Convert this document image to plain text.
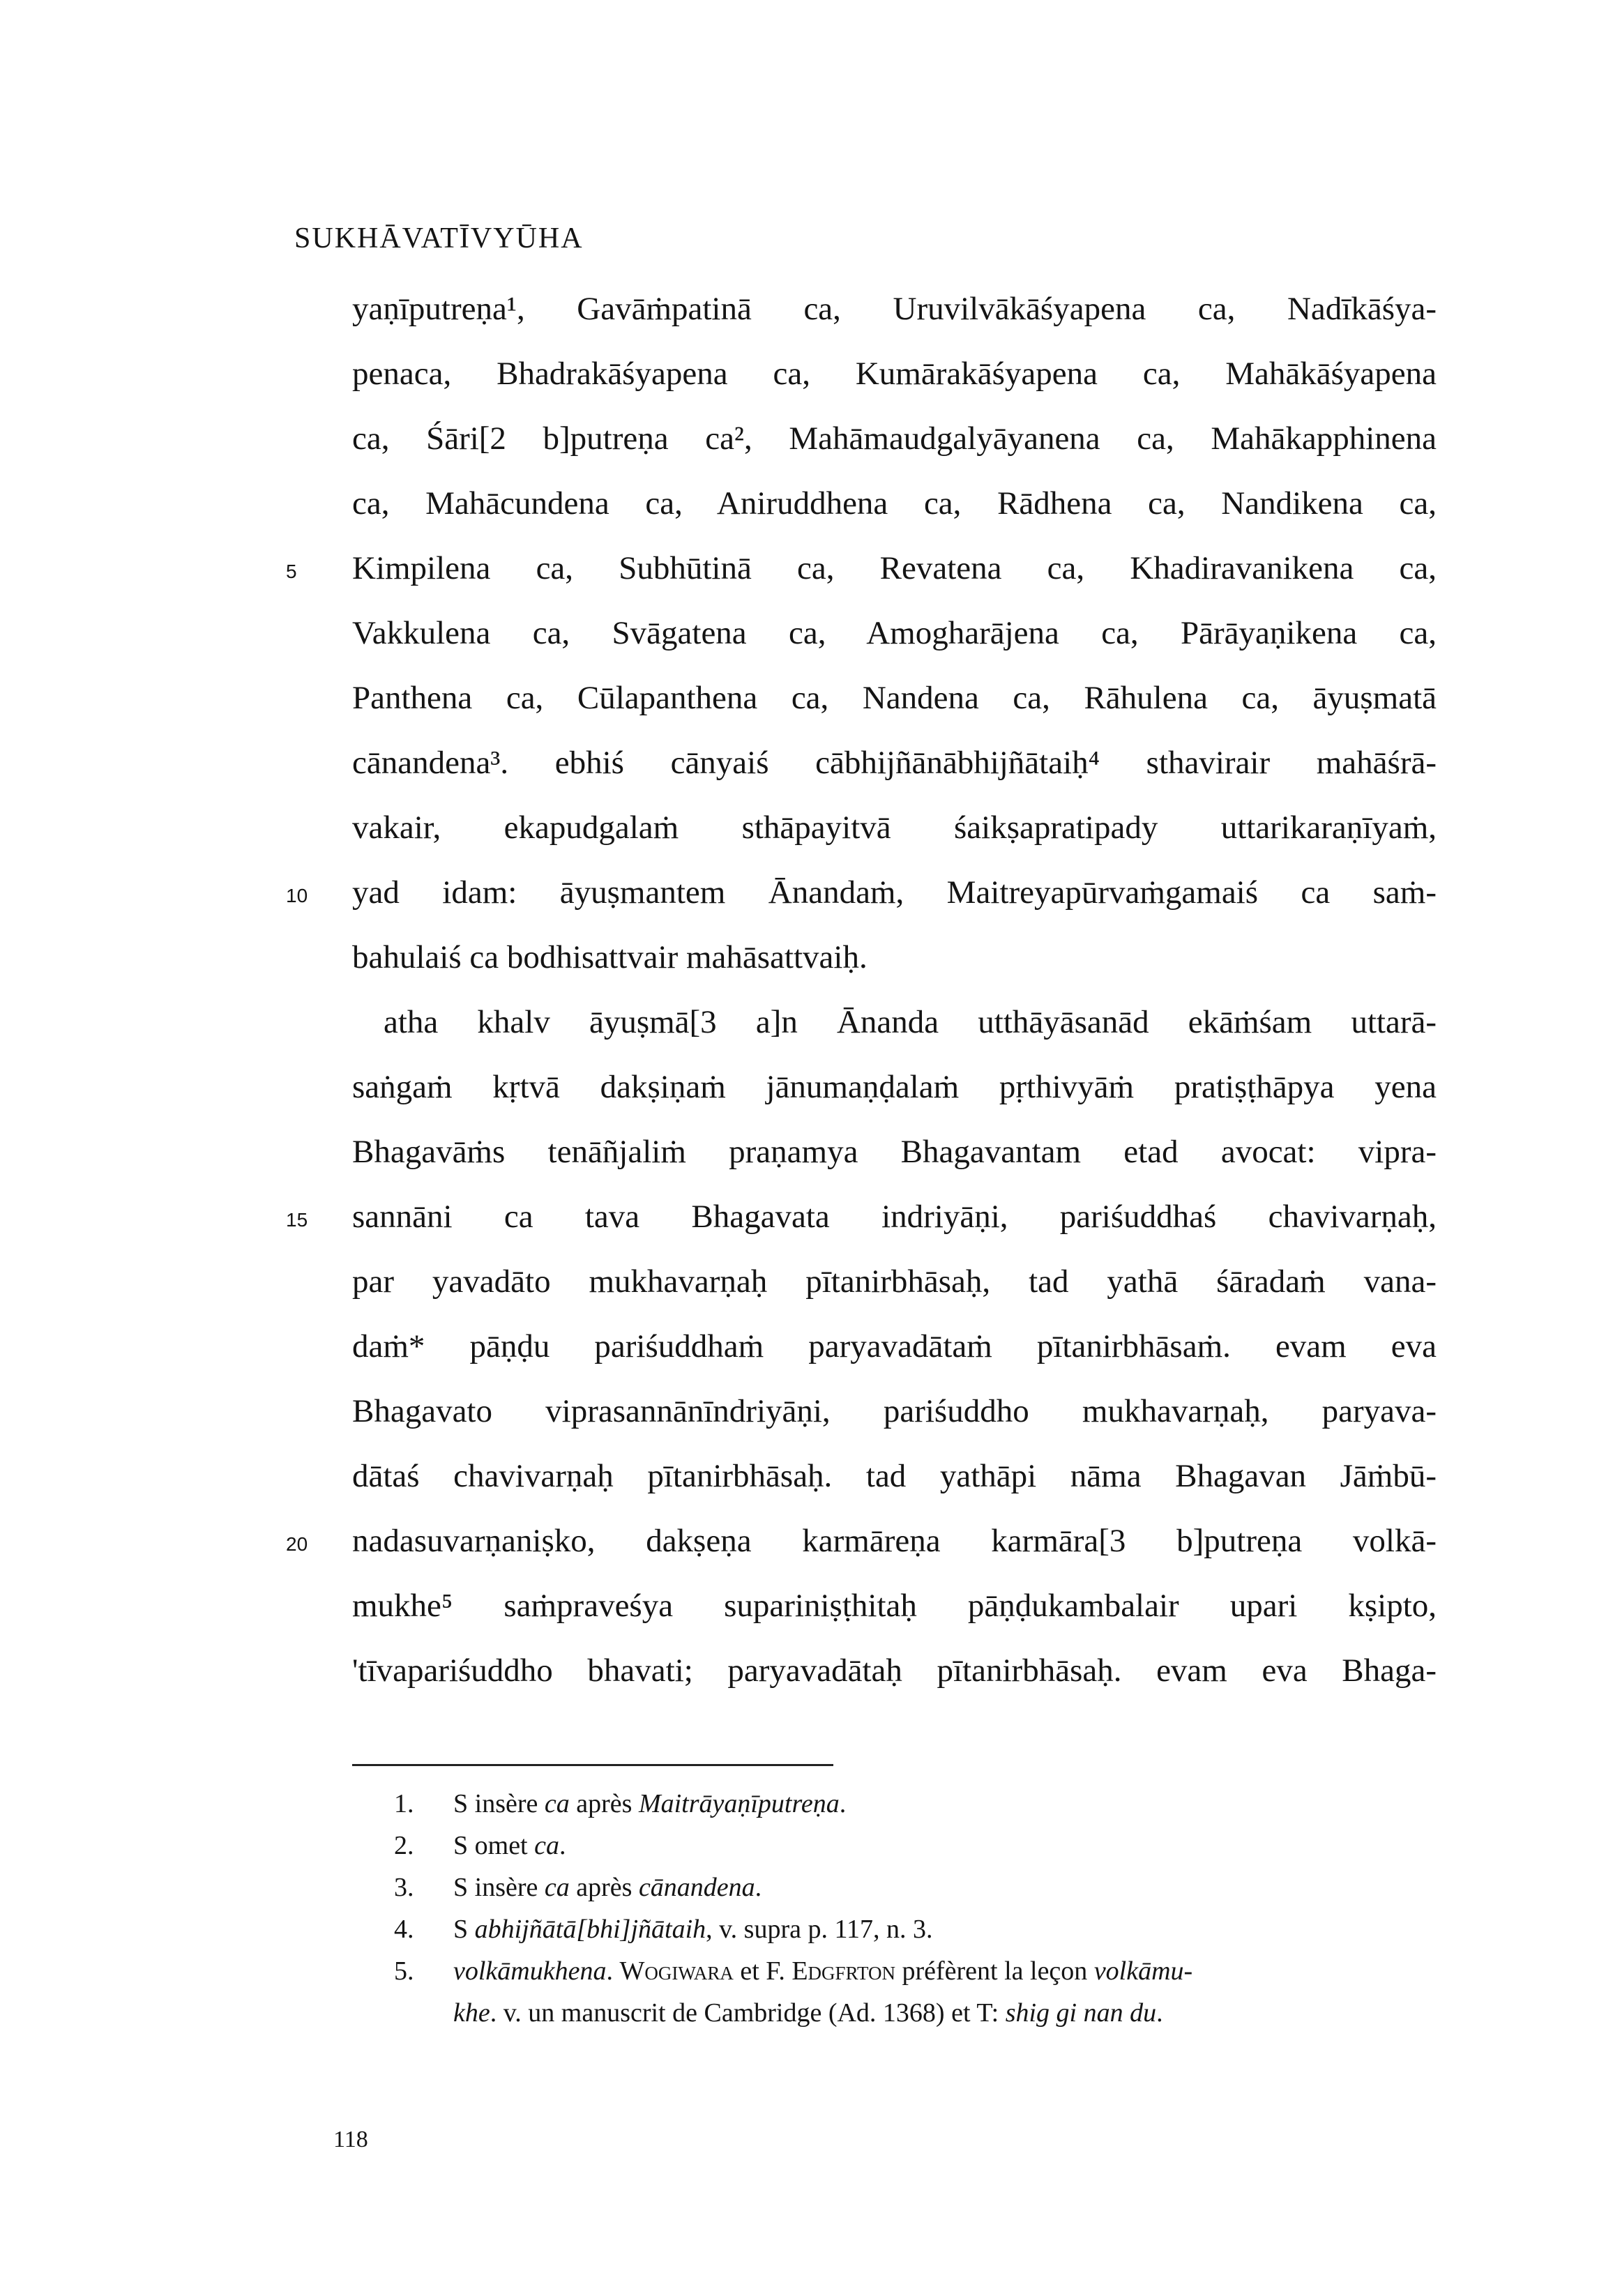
SUKHĀVATĪVYŪHA
yaṇīputreṇa¹, Gavāṁpatinā ca, Uruvilvākāśyapena ca, Nadīkāśya-
penaca, Bhadrakāśyapena ca, Kumārakāśyapena ca, Mahākāśyapena
ca, Śāri[2 b]putreṇa ca², Mahāmaudgalyāyanena ca, Mahākapphinena
ca, Mahācundena ca, Aniruddhena ca, Rādhena ca, Nandikena ca,
Kimpilena ca, Subhūtinā ca, Revatena ca, Khadiravanikena ca,
Vakkulena ca, Svāgatena ca, Amogharājena ca, Pārāyaṇikena ca,
Panthena ca, Cūlapanthena ca, Nandena ca, Rāhulena ca, āyuṣmatā
cānandena³. ebhiś cānyaiś cābhijñānābhijñātaiḥ⁴ sthavirair mahāśrā-
vakair, ekapudgalaṁ sthāpayitvā śaikṣapratipady uttarikaraṇīyaṁ,
yad idam: āyuṣmantem Ānandaṁ, Maitreyapūrvaṁgamaiś ca saṁ-
bahulaiś ca bodhisattvair mahāsattvaiḥ.
atha khalv āyuṣmā[3 a]n Ānanda utthāyāsanād ekāṁśam uttarā-
saṅgaṁ kṛtvā dakṣiṇaṁ jānumaṇḍalaṁ pṛthivyāṁ pratiṣṭhāpya yena
Bhagavāṁs tenāñjaliṁ praṇamya Bhagavantam etad avocat: vipra-
sannāni ca tava Bhagavata indriyāṇi, pariśuddhaś chavivarṇaḥ,
par yavadāto mukhavarṇaḥ pītanirbhāsaḥ, tad yathā śāradaṁ vana-
daṁ* pāṇḍu pariśuddhaṁ paryavadātaṁ pītanirbhāsaṁ. evam eva
Bhagavato viprasannānīndriyāṇi, pariśuddho mukhavarṇaḥ, paryava-
dātaś chavivarṇaḥ pītanirbhāsaḥ. tad yathāpi nāma Bhagavan Jāṁbū-
nadasuvarṇaniṣko, dakṣeṇa karmāreṇa karmāra[3 b]putreṇa volkā-
mukhe⁵ saṁpraveśya supariniṣṭhitaḥ pāṇḍukambalair upari kṣipto,
'tīvapariśuddho bhavati; paryavadātaḥ pītanirbhāsaḥ. evam eva Bhaga-
5
10
15
20
1. S insère ca après Maitrāyaṇīputreṇa.
2. S omet ca.
3. S insère ca après cānandena.
4. S abhijñātā[bhi]jñātaih, v. supra p. 117, n. 3.
5. volkāmukhena. Wogiwara et F. Edgfrton préfèrent la leçon volkāmu-
khe. v. un manuscrit de Cambridge (Ad. 1368) et T: shig gi nan du.
118
